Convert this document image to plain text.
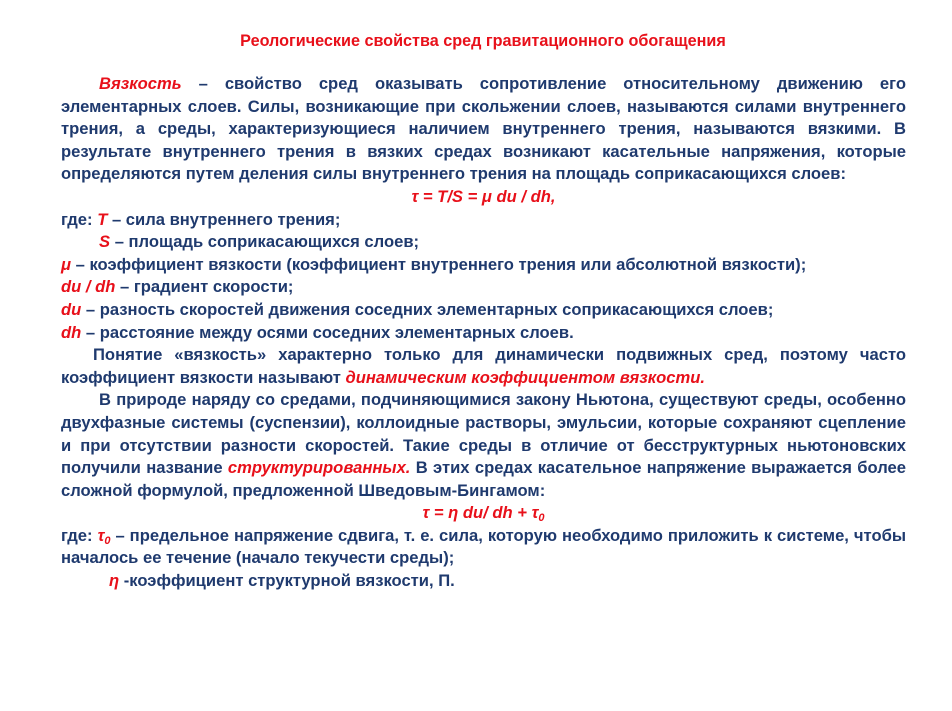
Реологические свойства сред гравитационного обогащения

Вязкость – свойство сред оказывать сопротивление относительному движению его элементарных слоев. Силы, возникающие при скольжении слоев, называются силами внутреннего трения, а среды, характеризующиеся наличием внутреннего трения, называются вязкими. В результате внутреннего трения в вязких средах возникают касательные напряжения, которые определяются путем деления силы внутреннего трения на площадь соприкасающихся слоев:

τ = T/S = μ du / dh,

где: T – сила внутреннего трения;

S – площадь соприкасающихся слоев;

μ – коэффициент вязкости (коэффициент внутреннего трения или абсолютной вязкости);

du / dh – градиент скорости;

du – разность скоростей движения соседних элементарных соприкасающихся слоев;

dh – расстояние между осями соседних элементарных слоев.

Понятие «вязкость» характерно только для динамически подвижных сред, поэтому часто коэффициент вязкости называют динамическим коэффициентом вязкости.

В природе наряду со средами, подчиняющимися закону Ньютона, существуют среды, особенно двухфазные системы (суспензии), коллоидные растворы, эмульсии, которые сохраняют сцепление и при отсутствии разности скоростей. Такие среды в отличие от бесструктурных ньютоновских получили название структурированных. В этих средах касательное напряжение выражается более сложной формулой, предложенной Шведовым-Бингамом:

τ = η du/ dh + $\tau_0$

где: $\tau_0$ – предельное напряжение сдвига, т. е. сила, которую необходимо приложить к системе, чтобы началось ее течение (начало текучести среды);

η -коэффициент структурной вязкости, П.
